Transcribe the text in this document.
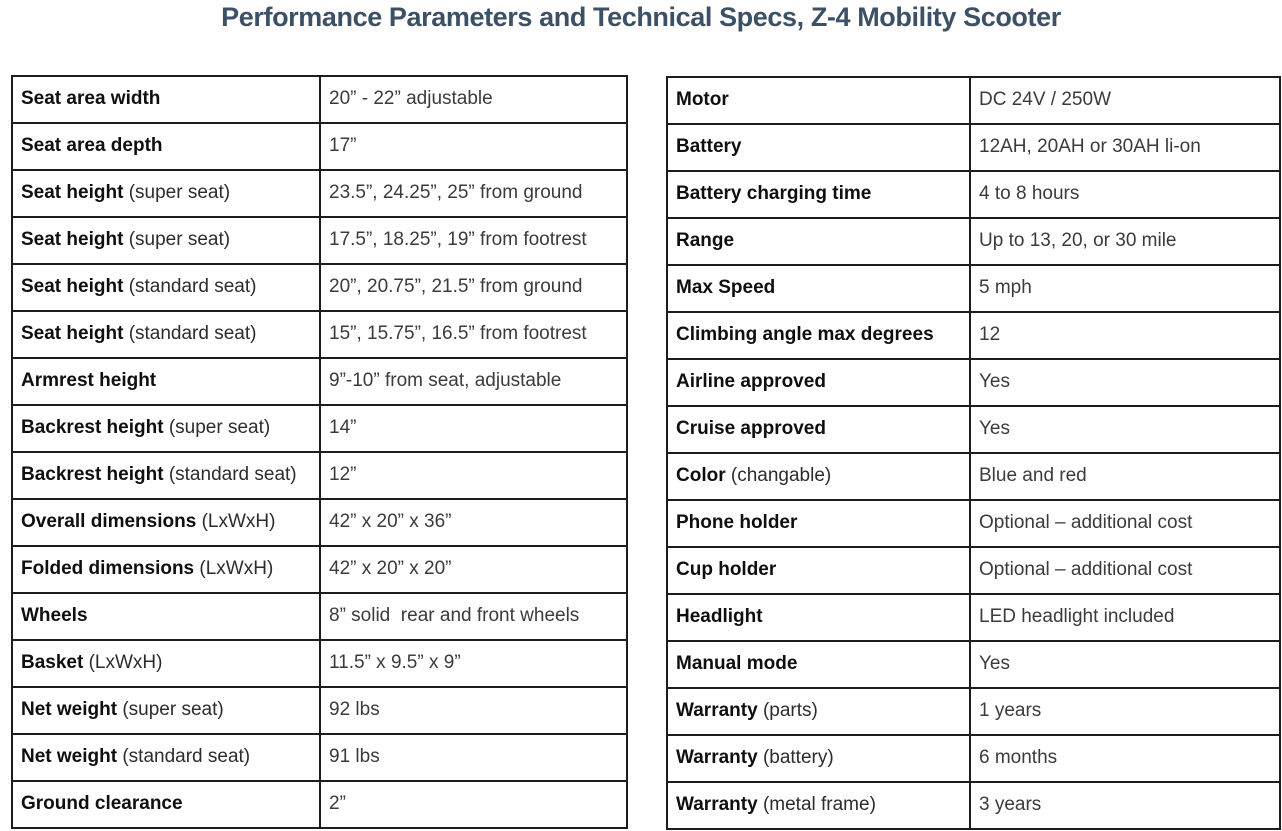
Performance Parameters and Technical Specs, Z-4 Mobility Scooter
Seat area width	20” - 22” adjustable
Seat area depth	17”
Seat height (super seat)	23.5”, 24.25”, 25” from ground
Seat height (super seat)	17.5”, 18.25”, 19” from footrest
Seat height (standard seat)	20”, 20.75”, 21.5” from ground
Seat height (standard seat)	15”, 15.75”, 16.5” from footrest
Armrest height	9”-10” from seat, adjustable
Backrest height (super seat)	14”
Backrest height (standard seat)	12”
Overall dimensions (LxWxH)	42” x 20” x 36”
Folded dimensions (LxWxH)	42” x 20” x 20”
Wheels	8” solid  rear and front wheels
Basket (LxWxH)	11.5” x 9.5” x 9”
Net weight (super seat)	92 lbs
Net weight (standard seat)	91 lbs
Ground clearance	2”
Motor	DC 24V / 250W
Battery	12AH, 20AH or 30AH li-on
Battery charging time	4 to 8 hours
Range	Up to 13, 20, or 30 mile
Max Speed	5 mph
Climbing angle max degrees	12
Airline approved	Yes
Cruise approved	Yes
Color (changable)	Blue and red
Phone holder	Optional – additional cost
Cup holder	Optional – additional cost
Headlight	LED headlight included
Manual mode	Yes
Warranty (parts)	1 years
Warranty (battery)	6 months
Warranty (metal frame)	3 years
